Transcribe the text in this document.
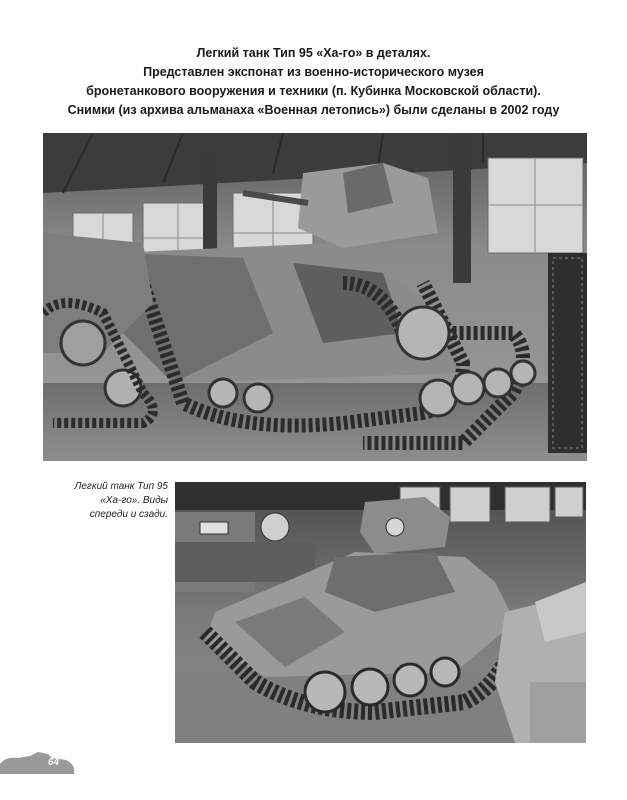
Легкий танк Тип 95 «Ха-го» в деталях.
Представлен экспонат из военно-исторического музея
бронетанкового вооружения и техники (п. Кубинка Московской области).
Снимки (из архива альманаха «Военная летопись») были сделаны в 2002 году
Легкий танк Тип 95
«Ха-го». Виды
спереди и сзади.
64
